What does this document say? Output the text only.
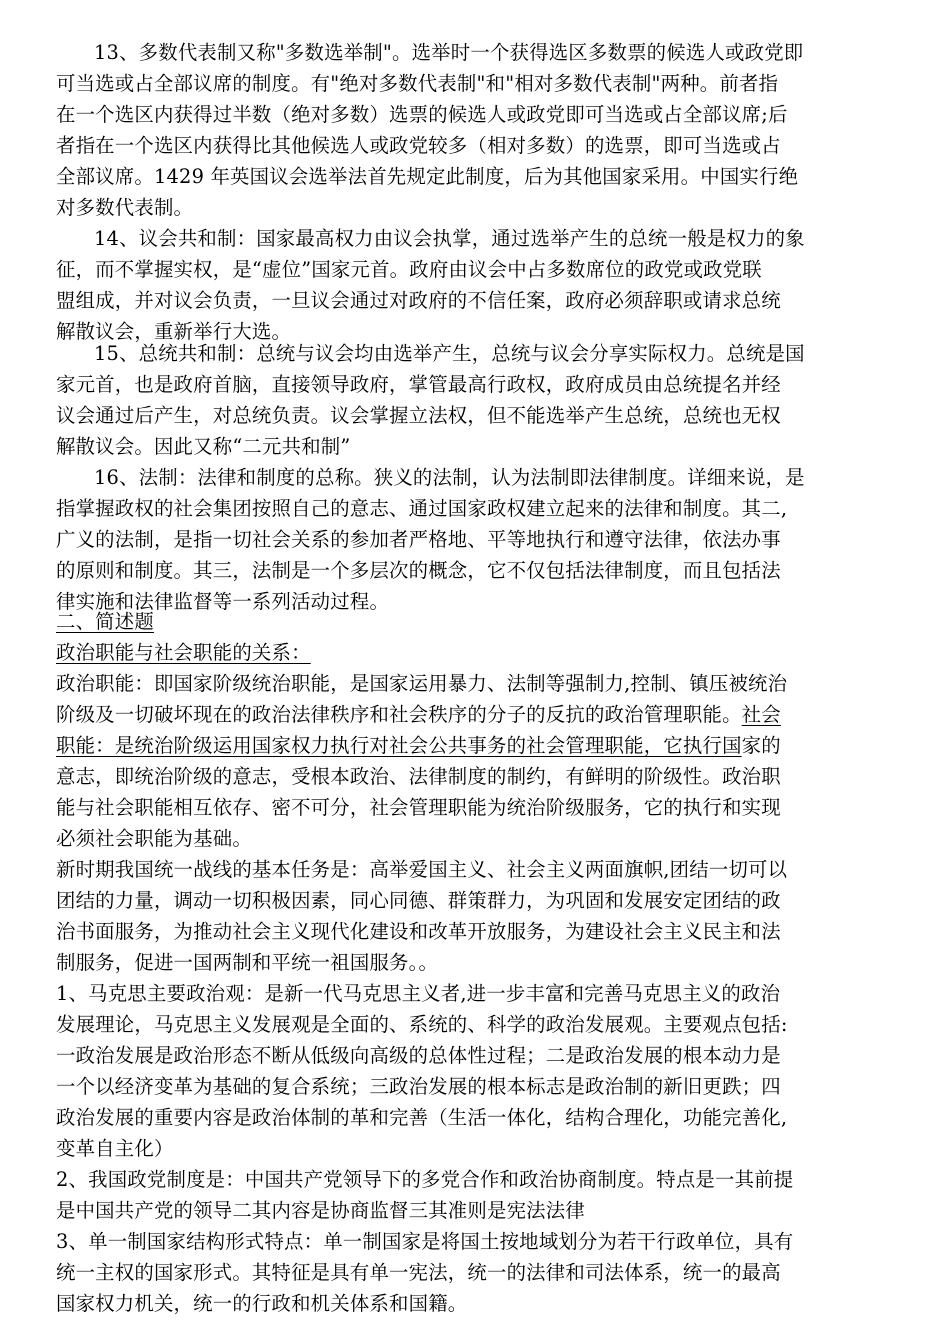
13、多数代表制又称"多数选举制"。选举时一个获得选区多数票的候选人或政党即
可当选或占全部议席的制度。有"绝对多数代表制"和"相对多数代表制"两种。前者指
在一个选区内获得过半数（绝对多数）选票的候选人或政党即可当选或占全部议席;后
者指在一个选区内获得比其他候选人或政党较多（相对多数）的选票，即可当选或占
全部议席。1429 年英国议会选举法首先规定此制度，后为其他国家采用。中国实行绝
对多数代表制。
14、议会共和制：国家最高权力由议会执掌，通过选举产生的总统一般是权力的象
征，而不掌握实权，是“虚位”国家元首。政府由议会中占多数席位的政党或政党联
盟组成，并对议会负责，一旦议会通过对政府的不信任案，政府必须辞职或请求总统
解散议会，重新举行大选。
15、总统共和制：总统与议会均由选举产生，总统与议会分享实际权力。总统是国
家元首，也是政府首脑，直接领导政府，掌管最高行政权，政府成员由总统提名并经
议会通过后产生，对总统负责。议会掌握立法权，但不能选举产生总统，总统也无权
解散议会。因此又称“二元共和制”
16、法制：法律和制度的总称。狭义的法制，认为法制即法律制度。详细来说，是
指掌握政权的社会集团按照自己的意志、通过国家政权建立起来的法律和制度。其二,
广义的法制，是指一切社会关系的参加者严格地、平等地执行和遵守法律，依法办事
的原则和制度。其三，法制是一个多层次的概念，它不仅包括法律制度，而且包括法
律实施和法律监督等一系列活动过程。
二、简述题
政治职能与社会职能的关系：
政治职能：即国家阶级统治职能，是国家运用暴力、法制等强制力,控制、镇压被统治
阶级及一切破坏现在的政治法律秩序和社会秩序的分子的反抗的政治管理职能。社会
职能：是统治阶级运用国家权力执行对社会公共事务的社会管理职能，它执行国家的
意志，即统治阶级的意志，受根本政治、法律制度的制约，有鲜明的阶级性。政治职
能与社会职能相互依存、密不可分，社会管理职能为统治阶级服务，它的执行和实现
必须社会职能为基础。
新时期我国统一战线的基本任务是：高举爱国主义、社会主义两面旗帜,团结一切可以
团结的力量，调动一切积极因素，同心同德、群策群力，为巩固和发展安定团结的政
治书面服务，为推动社会主义现代化建设和改革开放服务，为建设社会主义民主和法
制服务，促进一国两制和平统一祖国服务。。
1、马克思主要政治观：是新一代马克思主义者,进一步丰富和完善马克思主义的政治
发展理论，马克思主义发展观是全面的、系统的、科学的政治发展观。主要观点包括:
一政治发展是政治形态不断从低级向高级的总体性过程；二是政治发展的根本动力是
一个以经济变革为基础的复合系统；三政治发展的根本标志是政治制的新旧更跌；四
政治发展的重要内容是政治体制的革和完善（生活一体化，结构合理化，功能完善化,
变革自主化）
2、我国政党制度是：中国共产党领导下的多党合作和政治协商制度。特点是一其前提
是中国共产党的领导二其内容是协商监督三其准则是宪法法律
3、单一制国家结构形式特点：单一制国家是将国土按地域划分为若干行政单位，具有
统一主权的国家形式。其特征是具有单一宪法，统一的法律和司法体系，统一的最高
国家权力机关，统一的行政和机关体系和国籍。
